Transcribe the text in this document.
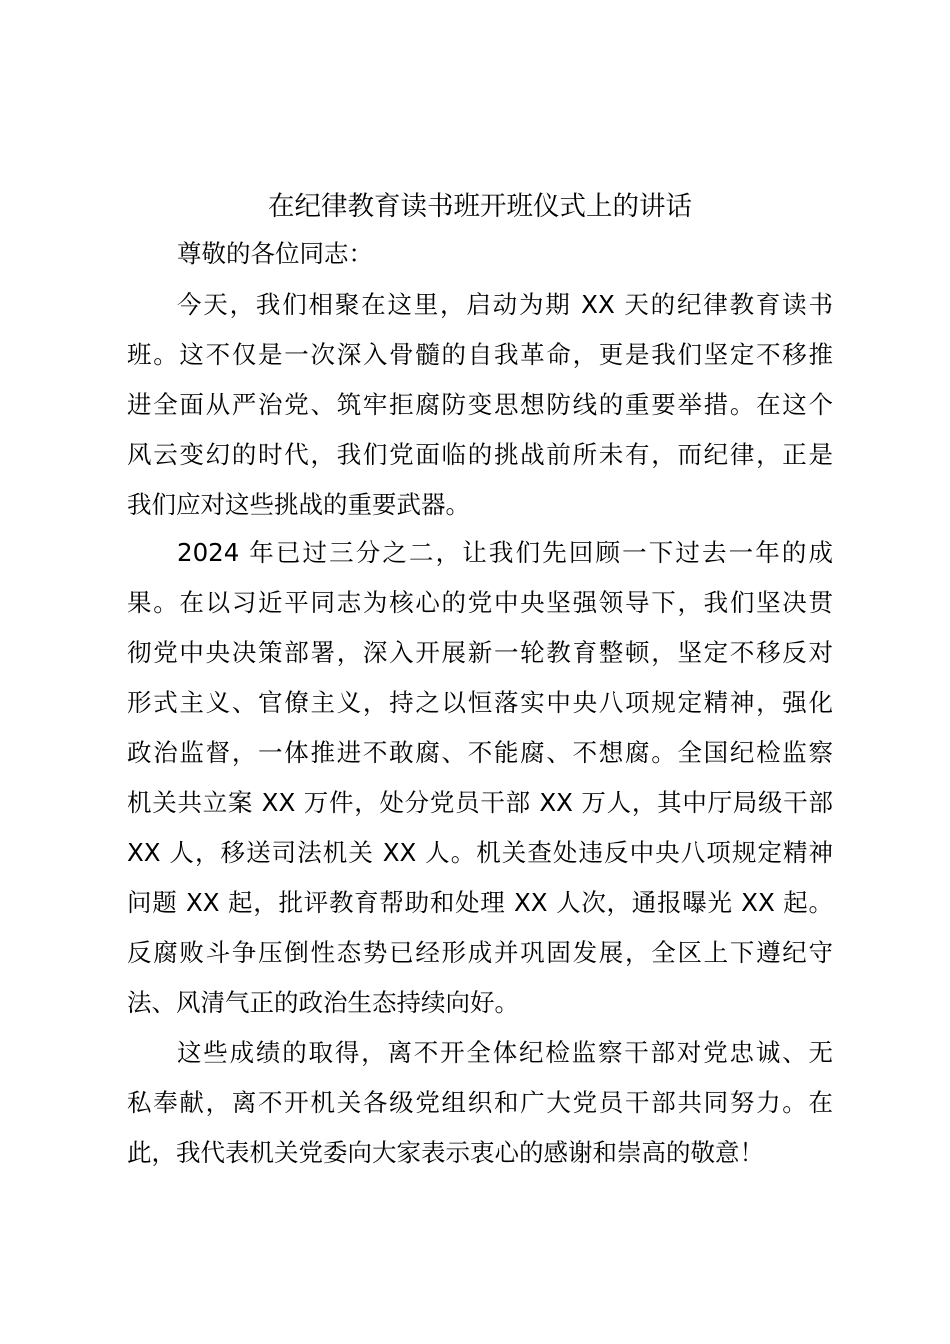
在纪律教育读书班开班仪式上的讲话

尊敬的各位同志：

今天，我们相聚在这里，启动为期 XX 天的纪律教育读书
班。这不仅是一次深入骨髓的自我革命，更是我们坚定不移推
进全面从严治党、筑牢拒腐防变思想防线的重要举措。在这个
风云变幻的时代，我们党面临的挑战前所未有，而纪律，正是
我们应对这些挑战的重要武器。
2024 年已过三分之二，让我们先回顾一下过去一年的成
果。在以习近平同志为核心的党中央坚强领导下，我们坚决贯
彻党中央决策部署，深入开展新一轮教育整顿，坚定不移反对
形式主义、官僚主义，持之以恒落实中央八项规定精神，强化
政治监督，一体推进不敢腐、不能腐、不想腐。全国纪检监察
机关共立案 XX 万件，处分党员干部 XX 万人，其中厅局级干部
XX 人，移送司法机关 XX 人。机关查处违反中央八项规定精神
问题 XX 起，批评教育帮助和处理 XX 人次，通报曝光 XX 起。
反腐败斗争压倒性态势已经形成并巩固发展，全区上下遵纪守
法、风清气正的政治生态持续向好。
这些成绩的取得，离不开全体纪检监察干部对党忠诚、无
私奉献，离不开机关各级党组织和广大党员干部共同努力。在
此，我代表机关党委向大家表示衷心的感谢和崇高的敬意！
